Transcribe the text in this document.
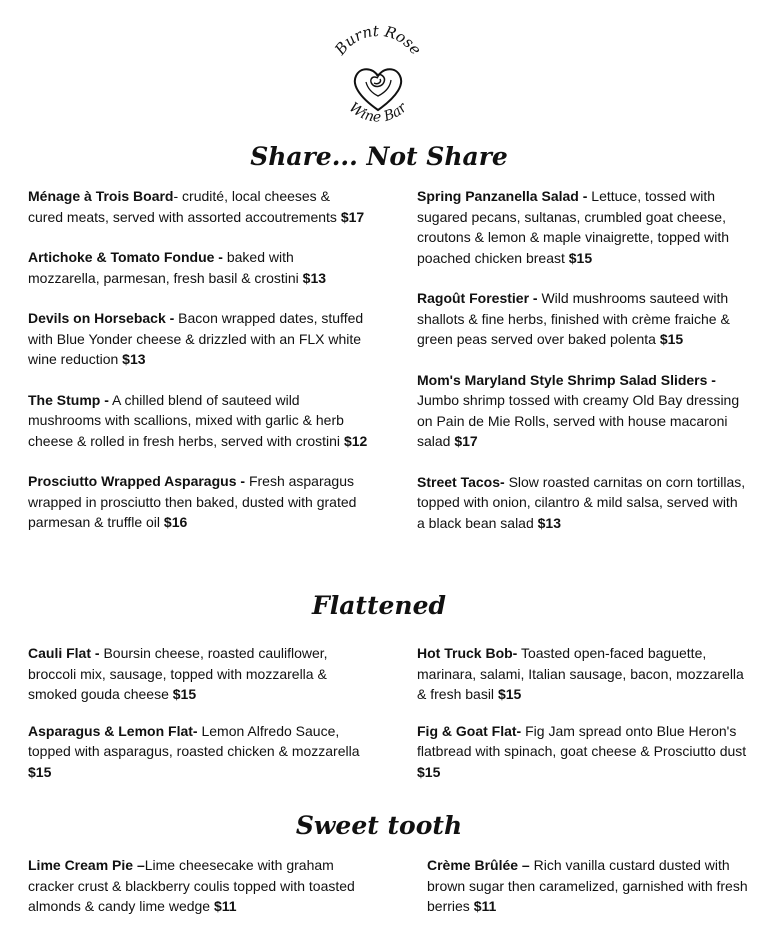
Burnt Rose
Wine Bar
Share... Not Share

Ménage à Trois Board- crudité, local cheeses & cured meats, served with assorted accoutrements $17

Artichoke & Tomato Fondue - baked with mozzarella, parmesan, fresh basil & crostini $13

Devils on Horseback - Bacon wrapped dates, stuffed with Blue Yonder cheese & drizzled with an FLX white wine reduction $13

The Stump - A chilled blend of sauteed wild mushrooms with scallions, mixed with garlic & herb cheese & rolled in fresh herbs, served with crostini $12

Prosciutto Wrapped Asparagus - Fresh asparagus wrapped in prosciutto then baked, dusted with grated parmesan & truffle oil $16

Spring Panzanella Salad - Lettuce, tossed with sugared pecans, sultanas, crumbled goat cheese, croutons & lemon & maple vinaigrette, topped with poached chicken breast $15

Ragoût Forestier - Wild mushrooms sauteed with shallots & fine herbs, finished with crème fraiche & green peas served over baked polenta $15

Mom's Maryland Style Shrimp Salad Sliders - Jumbo shrimp tossed with creamy Old Bay dressing on Pain de Mie Rolls, served with house macaroni salad $17

Street Tacos- Slow roasted carnitas on corn tortillas, topped with onion, cilantro & mild salsa, served with a black bean salad $13

Flattened

Cauli Flat - Boursin cheese, roasted cauliflower, broccoli mix, sausage, topped with mozzarella & smoked gouda cheese $15

Asparagus & Lemon Flat- Lemon Alfredo Sauce, topped with asparagus, roasted chicken & mozzarella $15

Hot Truck Bob- Toasted open-faced baguette, marinara, salami, Italian sausage, bacon, mozzarella & fresh basil $15

Fig & Goat Flat- Fig Jam spread onto Blue Heron's flatbread with spinach, goat cheese & Prosciutto dust $15

Sweet tooth

Lime Cream Pie –Lime cheesecake with graham cracker crust & blackberry coulis topped with toasted almonds & candy lime wedge $11

Crème Brûlée – Rich vanilla custard dusted with brown sugar then caramelized, garnished with fresh berries $11
